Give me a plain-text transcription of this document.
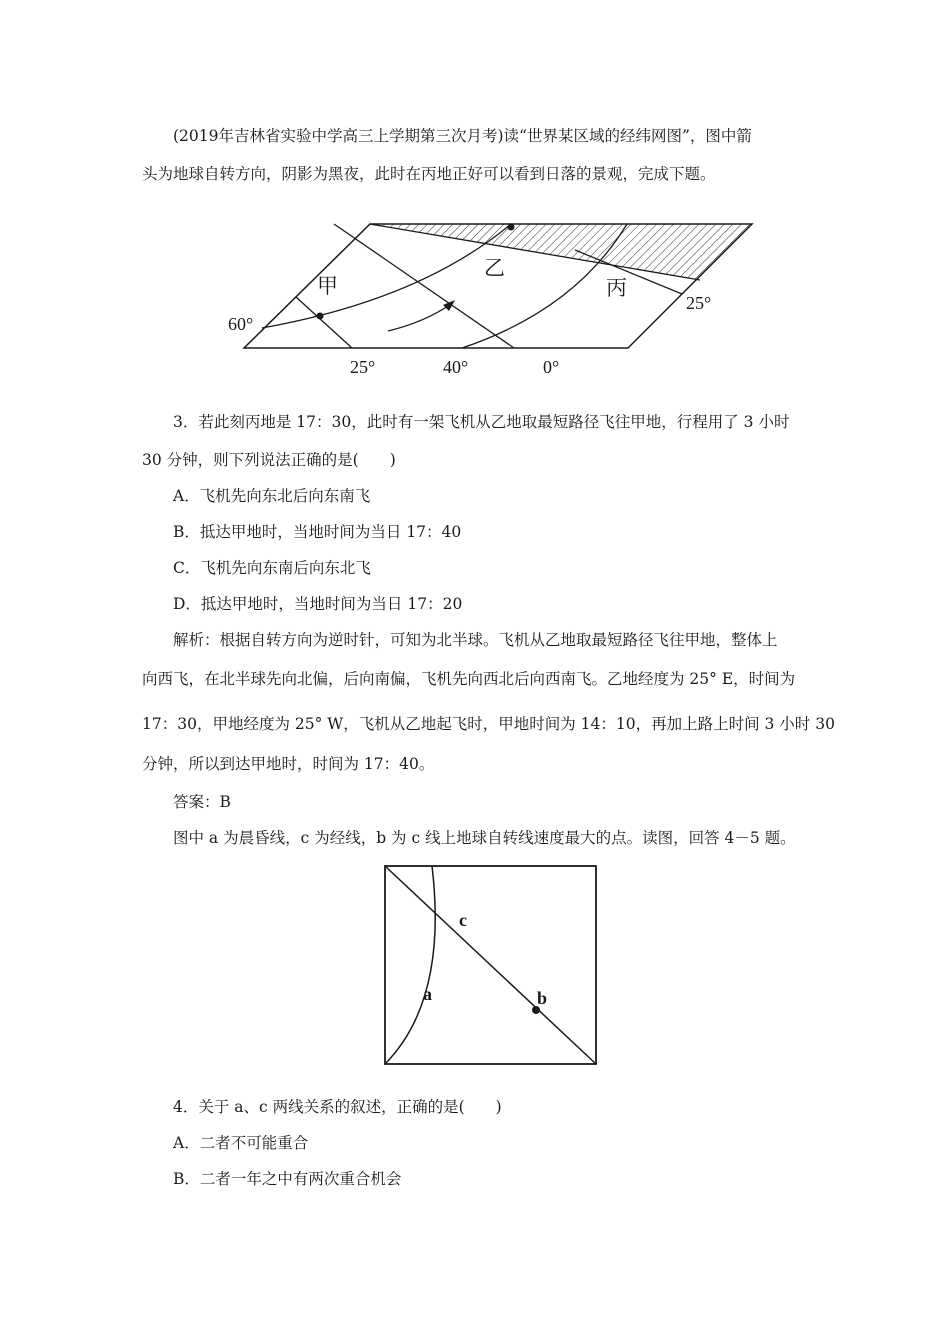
(2019年吉林省实验中学高三上学期第三次月考)读“世界某区域的经纬网图”，图中箭
头为地球自转方向，阴影为黑夜，此时在丙地正好可以看到日落的景观，完成下题。
甲
乙
丙
60°
25°
25°	40°	0°
3．若此刻丙地是 17：30，此时有一架飞机从乙地取最短路径飞往甲地，行程用了 3 小时
30 分钟，则下列说法正确的是(　　)
A．飞机先向东北后向东南飞
B．抵达甲地时，当地时间为当日 17：40
C．飞机先向东南后向东北飞
D．抵达甲地时，当地时间为当日 17：20
解析：根据自转方向为逆时针，可知为北半球。飞机从乙地取最短路径飞往甲地，整体上
向西飞，在北半球先向北偏，后向南偏，飞机先向西北后向西南飞。乙地经度为 25° E，时间为
17：30，甲地经度为 25° W，飞机从乙地起飞时，甲地时间为 14：10，再加上路上时间 3 小时 30
分钟，所以到达甲地时，时间为 17：40。
答案：B
图中 a 为晨昏线，c 为经线，b 为 c 线上地球自转线速度最大的点。读图，回答 4－5 题。
c
a	b
4．关于 a、c 两线关系的叙述，正确的是(　　)
A．二者不可能重合
B．二者一年之中有两次重合机会
